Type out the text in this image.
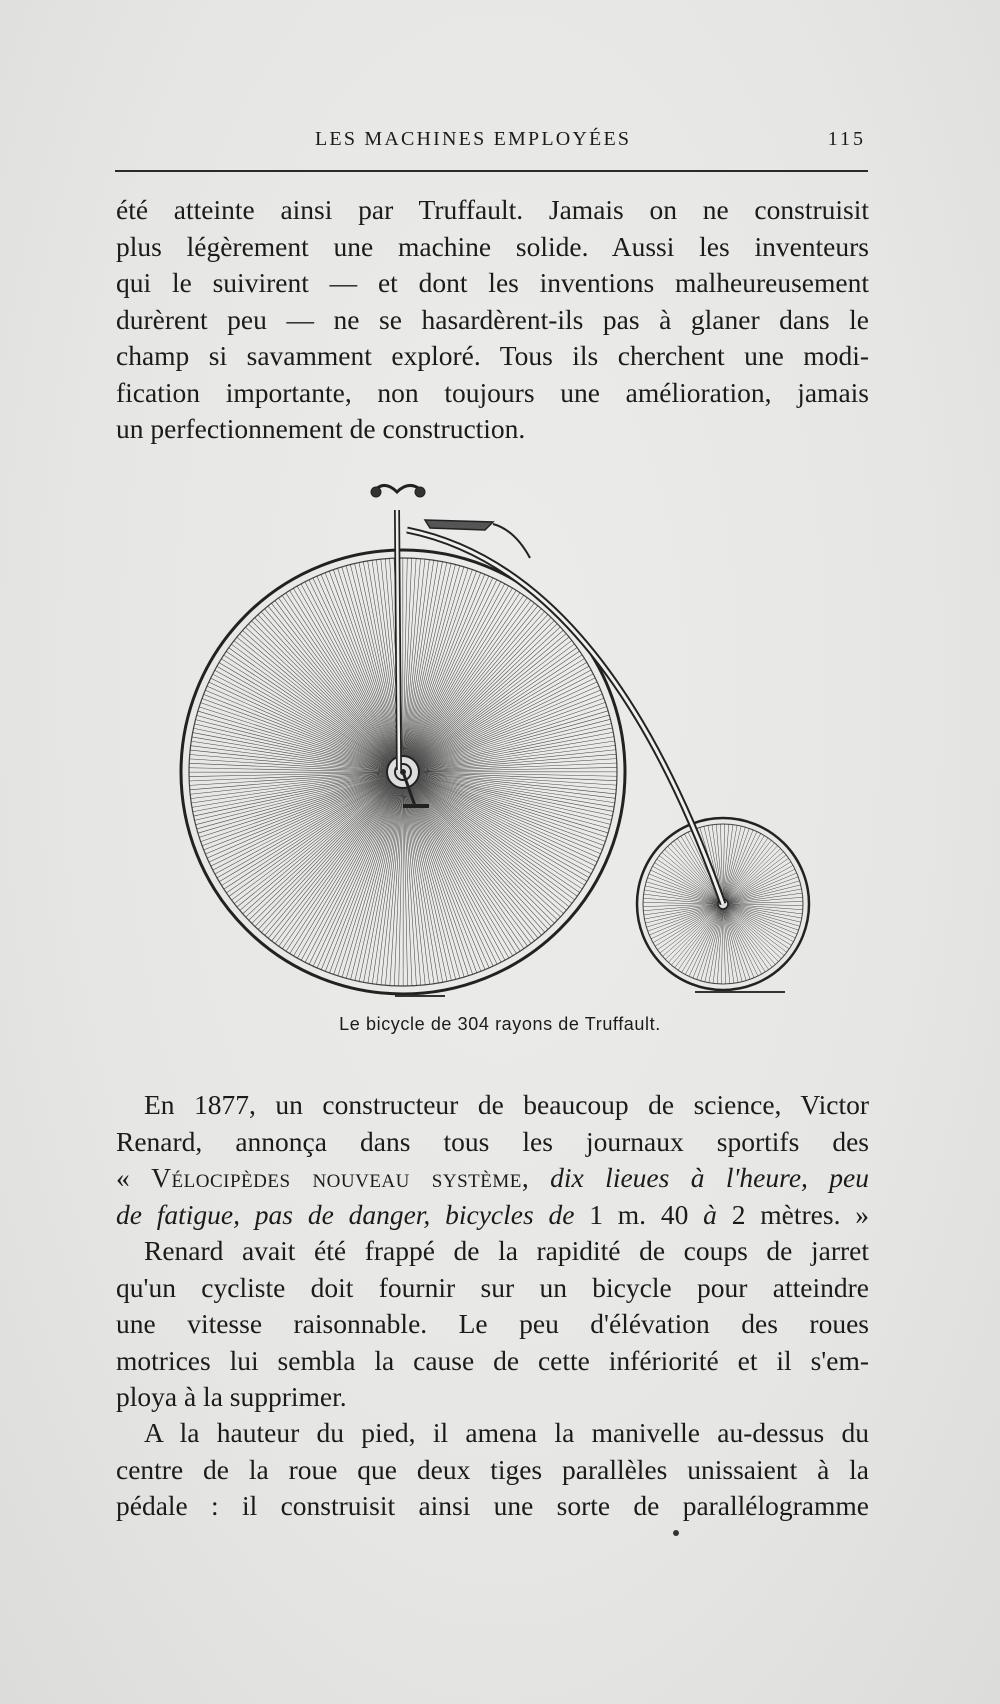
LES MACHINES EMPLOYÉES	115
été atteinte ainsi par Truffault. Jamais on ne construisit
plus légèrement une machine solide. Aussi les inventeurs
qui le suivirent — et dont les inventions malheureusement
durèrent peu — ne se hasardèrent-ils pas à glaner dans le
champ si savamment exploré. Tous ils cherchent une modi-
fication importante, non toujours une amélioration, jamais
un perfectionnement de construction.
Le bicycle de 304 rayons de Truffault.
En 1877, un constructeur de beaucoup de science, Victor
Renard, annonça dans tous les journaux sportifs des
« Vélocipèdes nouveau système, dix lieues à l'heure, peu
de fatigue, pas de danger, bicycles de 1 m. 40 à 2 mètres. »
Renard avait été frappé de la rapidité de coups de jarret
qu'un cycliste doit fournir sur un bicycle pour atteindre
une vitesse raisonnable. Le peu d'élévation des roues
motrices lui sembla la cause de cette infériorité et il s'em-
ploya à la supprimer.
A la hauteur du pied, il amena la manivelle au-dessus du
centre de la roue que deux tiges parallèles unissaient à la
pédale : il construisit ainsi une sorte de parallélogramme
